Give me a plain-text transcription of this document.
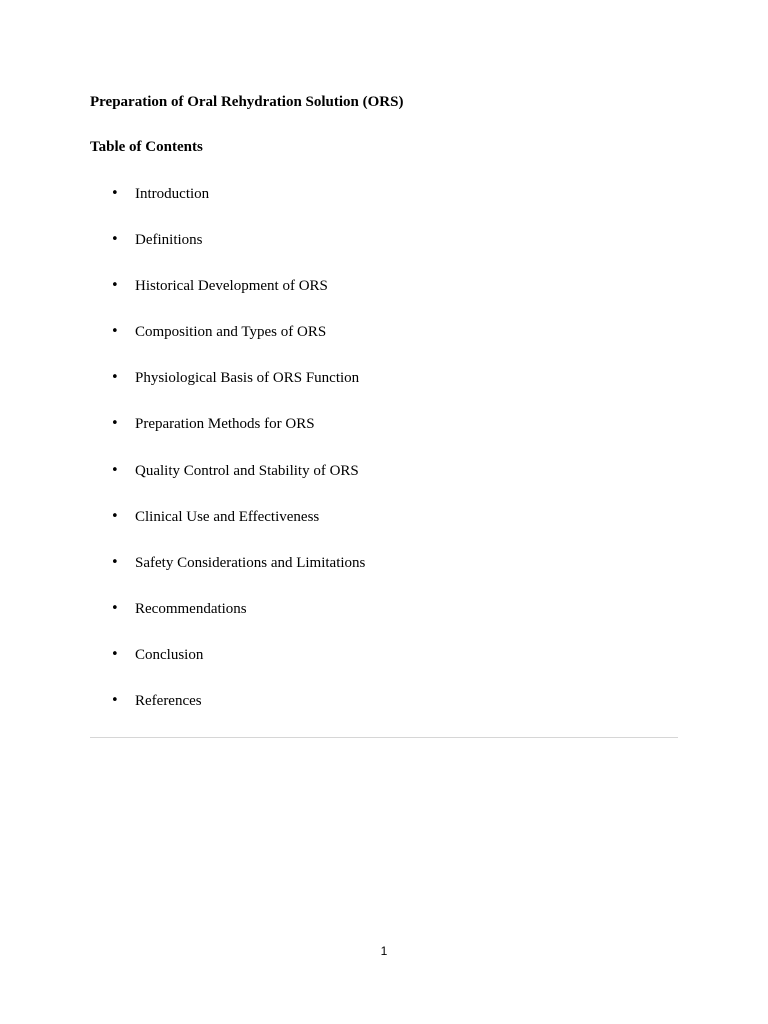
Preparation of Oral Rehydration Solution (ORS)
Table of Contents
• Introduction
• Definitions
• Historical Development of ORS
• Composition and Types of ORS
• Physiological Basis of ORS Function
• Preparation Methods for ORS
• Quality Control and Stability of ORS
• Clinical Use and Effectiveness
• Safety Considerations and Limitations
• Recommendations
• Conclusion
• References
1
